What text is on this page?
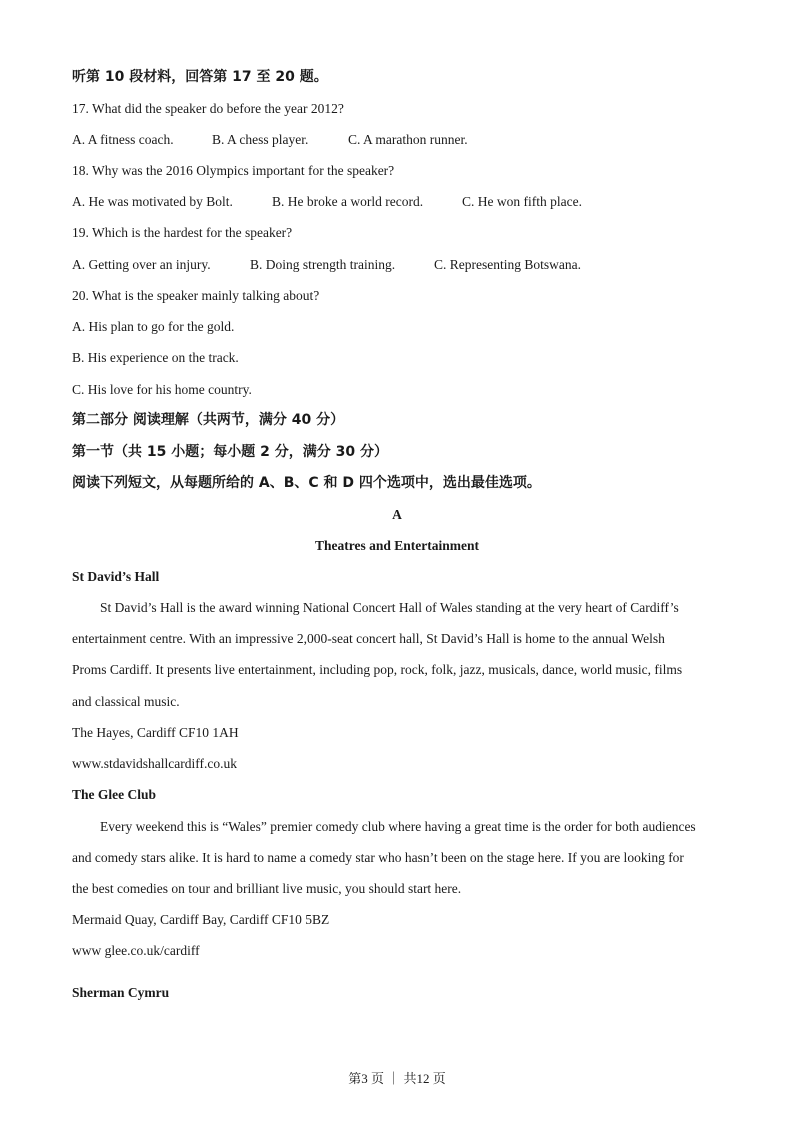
听第 10 段材料，回答第 17 至 20 题。
17. What did the speaker do before the year 2012?
A. A fitness coach.	B. A chess player.	C. A marathon runner.
18. Why was the 2016 Olympics important for the speaker?
A. He was motivated by Bolt.	B. He broke a world record.	C. He won fifth place.
19. Which is the hardest for the speaker?
A. Getting over an injury.	B. Doing strength training.	C. Representing Botswana.
20. What is the speaker mainly talking about?
A. His plan to go for the gold.
B. His experience on the track.
C. His love for his home country.
第二部分 阅读理解（共两节，满分 40 分）
第一节（共 15 小题；每小题 2 分，满分 30 分）
阅读下列短文，从每题所给的 A、B、C 和 D 四个选项中，选出最佳选项。
A
Theatres and Entertainment
St David’s Hall
St David’s Hall is the award winning National Concert Hall of Wales standing at the very heart of Cardiff’s
entertainment centre. With an impressive 2,000-seat concert hall, St David’s Hall is home to the annual Welsh
Proms Cardiff. It presents live entertainment, including pop, rock, folk, jazz, musicals, dance, world music, films
and classical music.
The Hayes, Cardiff CF10 1AH
www.stdavidshallcardiff.co.uk
The Glee Club
Every weekend this is “Wales” premier comedy club where having a great time is the order for both audiences
and comedy stars alike. It is hard to name a comedy star who hasn’t been on the stage here. If you are looking for
the best comedies on tour and brilliant live music, you should start here.
Mermaid Quay, Cardiff Bay, Cardiff CF10 5BZ
www glee.co.uk/cardiff
Sherman Cymru
第3 页 ｜ 共12 页
